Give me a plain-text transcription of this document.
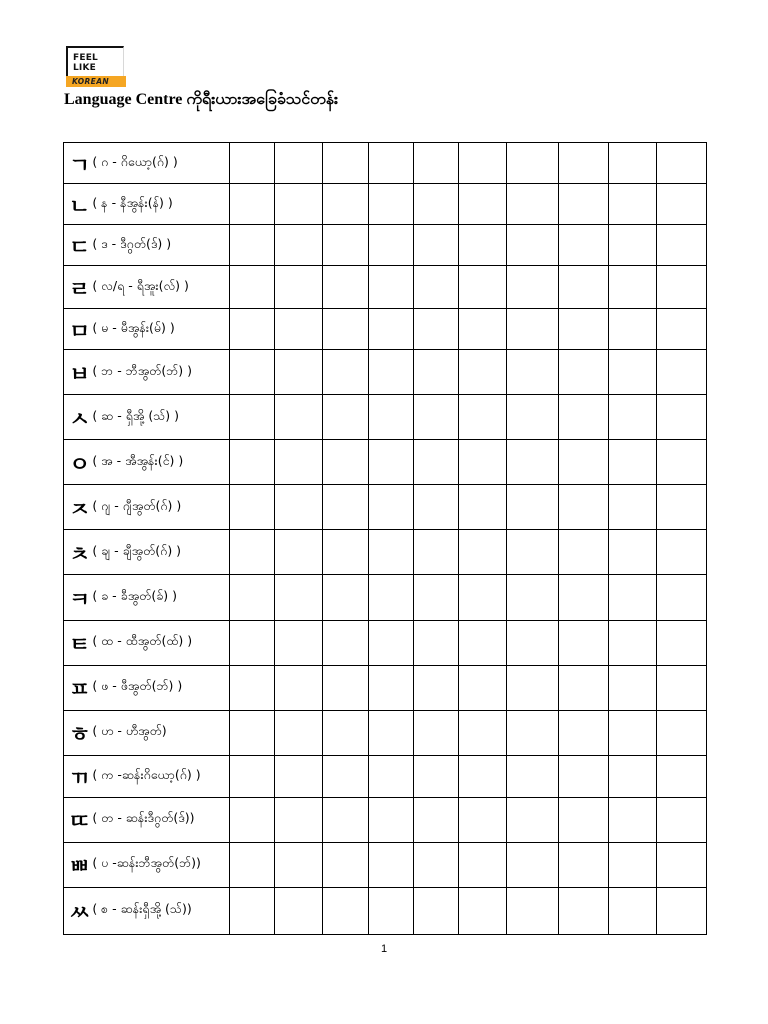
FEEL
LIKE
KOREAN
Language Centre ကိုရီးယားအခြေခံသင်တန်း
ㄱ ( ဂ - ဂိယော့(ဂ်) )										
ㄴ ( န - နီအွန်း(န်) )										
ㄷ ( ဒ - ဒီဂွတ်(ဒ်) )										
ㄹ ( လ/ရ - ရီအူး(လ်) )										
ㅁ ( မ - မီအွန်း(မ်) )										
ㅂ ( ဘ - ဘီအွတ်(ဘ်) )										
ㅅ ( ဆ - ရှီအို့ (သ်) )										
ㅇ ( အ - အီအွန်း(င်) )										
ㅈ ( ဂျ - ဂျီအွတ်(ဂ်) )										
ㅊ ( ချ - ချီအွတ်(ဂ်) )										
ㅋ ( ခ - ခီအွတ်(ခ်) )										
ㅌ ( ထ - ထီအွတ်(ထ်) )										
ㅍ ( ဖ - ဖီအွတ်(ဘ်) )										
ㅎ ( ဟ - ဟီအွတ်)										
ㄲ ( က -ဆန်းဂိယော့(ဂ်) )										
ㄸ ( တ - ဆန်းဒီဂွတ်(ဒ်))										
ㅃ ( ပ -ဆန်းဘီအွတ်(ဘ်))										
ㅆ ( စ - ဆန်းရှီအို့ (သ်))										
1
